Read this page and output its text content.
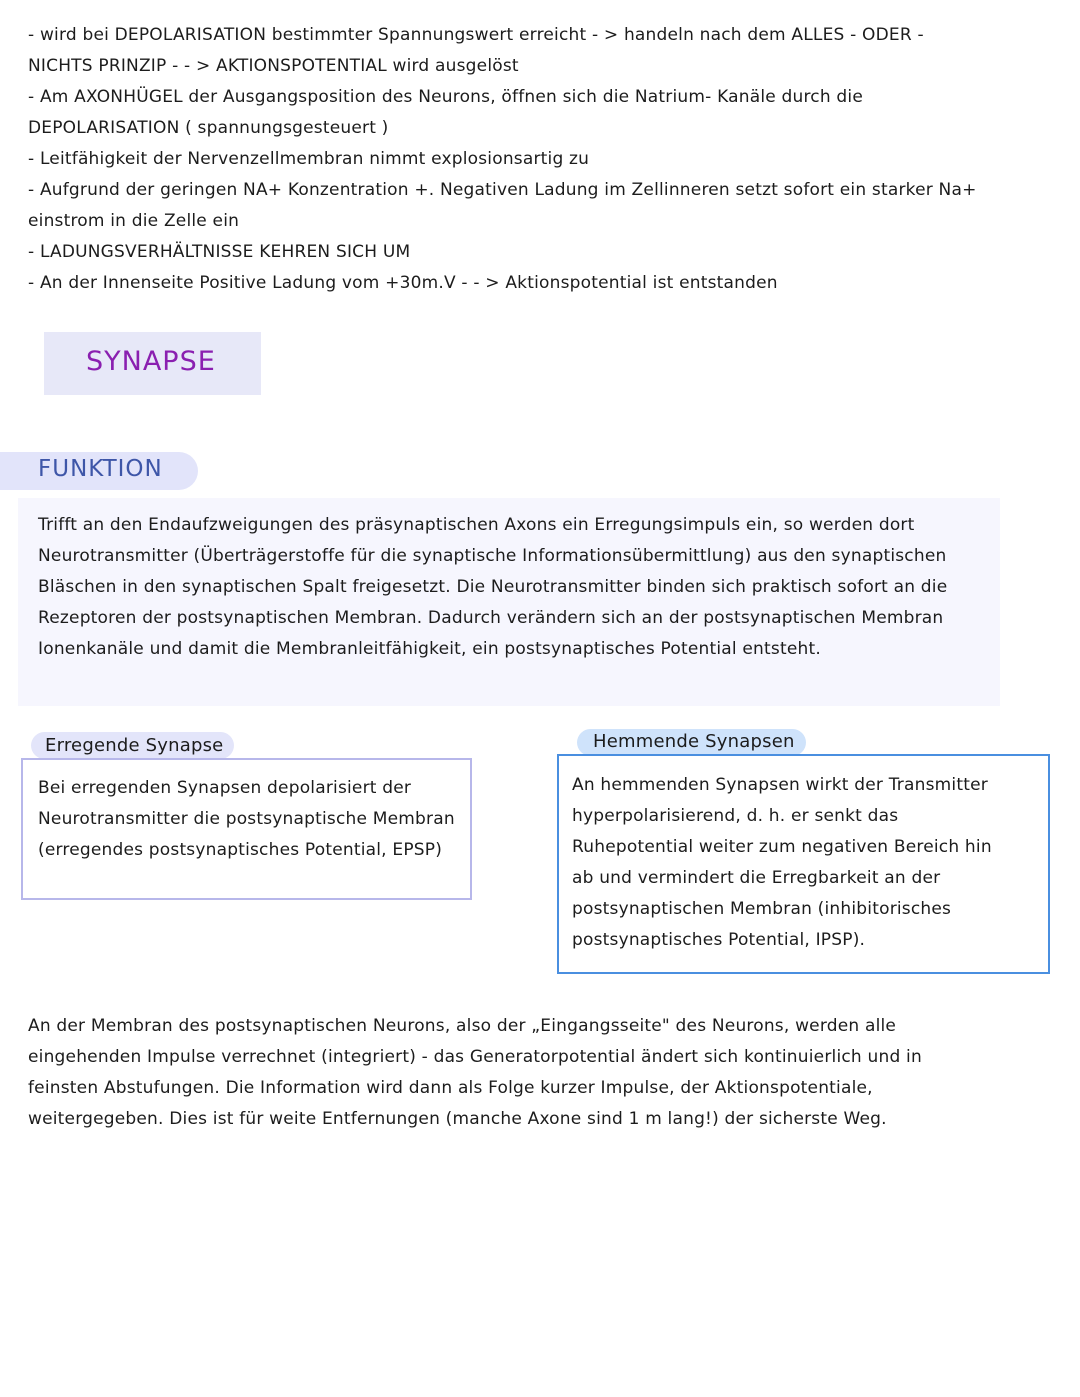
- wird bei DEPOLARISATION bestimmter Spannungswert erreicht - > handeln nach dem ALLES - ODER -
NICHTS PRINZIP - - > AKTIONSPOTENTIAL wird ausgelöst
- Am AXONHÜGEL der Ausgangsposition des Neurons, öffnen sich die Natrium- Kanäle durch die
DEPOLARISATION ( spannungsgesteuert )
- Leitfähigkeit der Nervenzellmembran nimmt explosionsartig zu
- Aufgrund der geringen NA+ Konzentration +. Negativen Ladung im Zellinneren setzt sofort ein starker Na+
einstrom in die Zelle ein
- LADUNGSVERHÄLTNISSE KEHREN SICH UM
- An der Innenseite Positive Ladung vom +30m.V - - > Aktionspotential ist entstanden
SYNAPSE
FUNKTION
Trifft an den Endaufzweigungen des präsynaptischen Axons ein Erregungsimpuls ein, so werden dort
Neurotransmitter (Überträgerstoffe für die synaptische Informationsübermittlung) aus den synaptischen
Bläschen in den synaptischen Spalt freigesetzt. Die Neurotransmitter binden sich praktisch sofort an die
Rezeptoren der postsynaptischen Membran. Dadurch verändern sich an der postsynaptischen Membran
Ionenkanäle und damit die Membranleitfähigkeit, ein postsynaptisches Potential entsteht.
Erregende Synapse
Bei erregenden Synapsen depolarisiert der
Neurotransmitter die postsynaptische Membran
(erregendes postsynaptisches Potential, EPSP)
Hemmende Synapsen
An hemmenden Synapsen wirkt der Transmitter
hyperpolarisierend, d. h. er senkt das
Ruhepotential weiter zum negativen Bereich hin
ab und vermindert die Erregbarkeit an der
postsynaptischen Membran (inhibitorisches
postsynaptisches Potential, IPSP).
An der Membran des postsynaptischen Neurons, also der „Eingangsseite" des Neurons, werden alle
eingehenden Impulse verrechnet (integriert) - das Generatorpotential ändert sich kontinuierlich und in
feinsten Abstufungen. Die Information wird dann als Folge kurzer Impulse, der Aktionspotentiale,
weitergegeben. Dies ist für weite Entfernungen (manche Axone sind 1 m lang!) der sicherste Weg.
